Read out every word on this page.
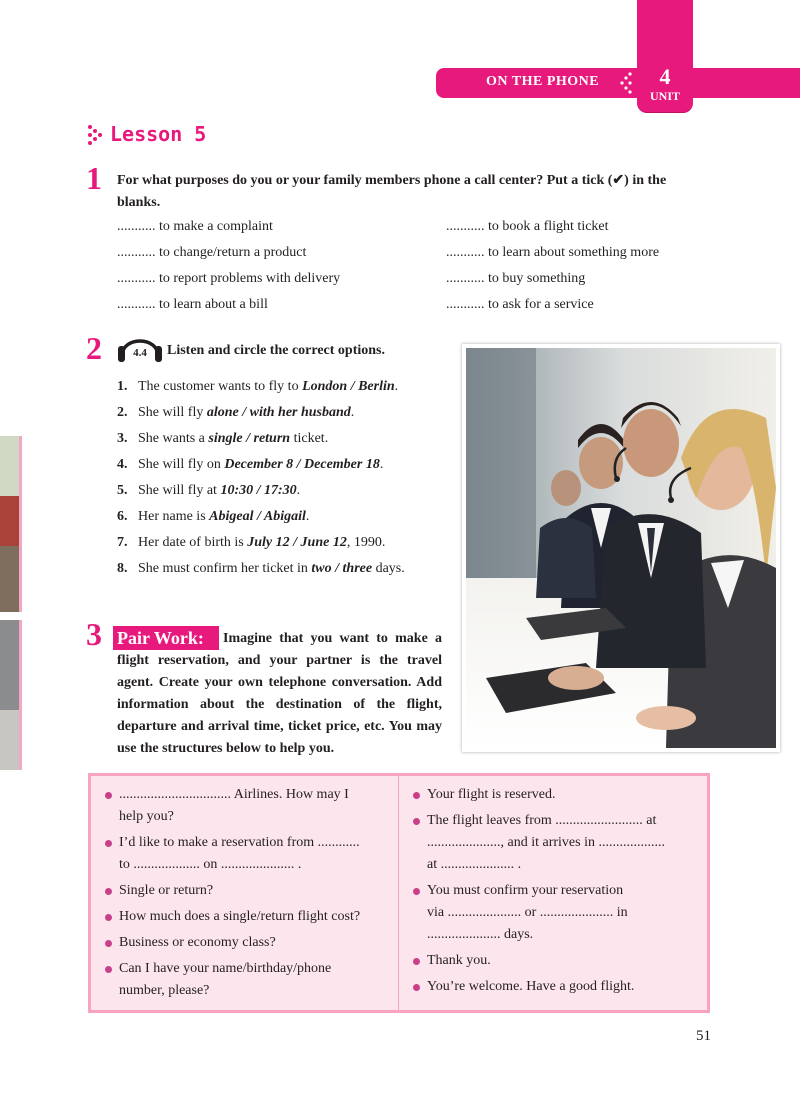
ON THE PHONE	4
UNIT
Lesson 5
1 For what purposes do you or your family members phone a call center? Put a tick (✔) in the
blanks.
........... to make a complaint
........... to change/return a product
........... to report problems with delivery
........... to learn about a bill
........... to book a flight ticket
........... to learn about something more
........... to buy something
........... to ask for a service
2	4.4 Listen and circle the correct options.
1. The customer wants to fly to London / Berlin.
2. She will fly alone / with her husband.
3. She wants a single / return ticket.
4. She will fly on December 8 / December 18.
5. She will fly at 10:30 / 17:30.
6. Her name is Abigeal / Abigail.
7. Her date of birth is July 12 / June 12, 1990.
8. She must confirm her ticket in two / three days.
3	Imagine that you want to make a flight reservation, and your partner is the travel agent. Create your own telephone conversation. Add information about the destination of the flight, departure and arrival time, ticket price, etc. You may use the structures below to help you.
Pair Work:
................................ Airlines. How may I
help you?
I’d like to make a reservation from ............
to ................... on ..................... .
Single or return?
How much does a single/return flight cost?
Business or economy class?
Can I have your name/birthday/phone
number, please?
Your flight is reserved.
The flight leaves from ......................... at
....................., and it arrives in ...................
at ..................... .
You must confirm your reservation
via ..................... or ..................... in
..................... days.
Thank you.
You’re welcome. Have a good flight.
51
